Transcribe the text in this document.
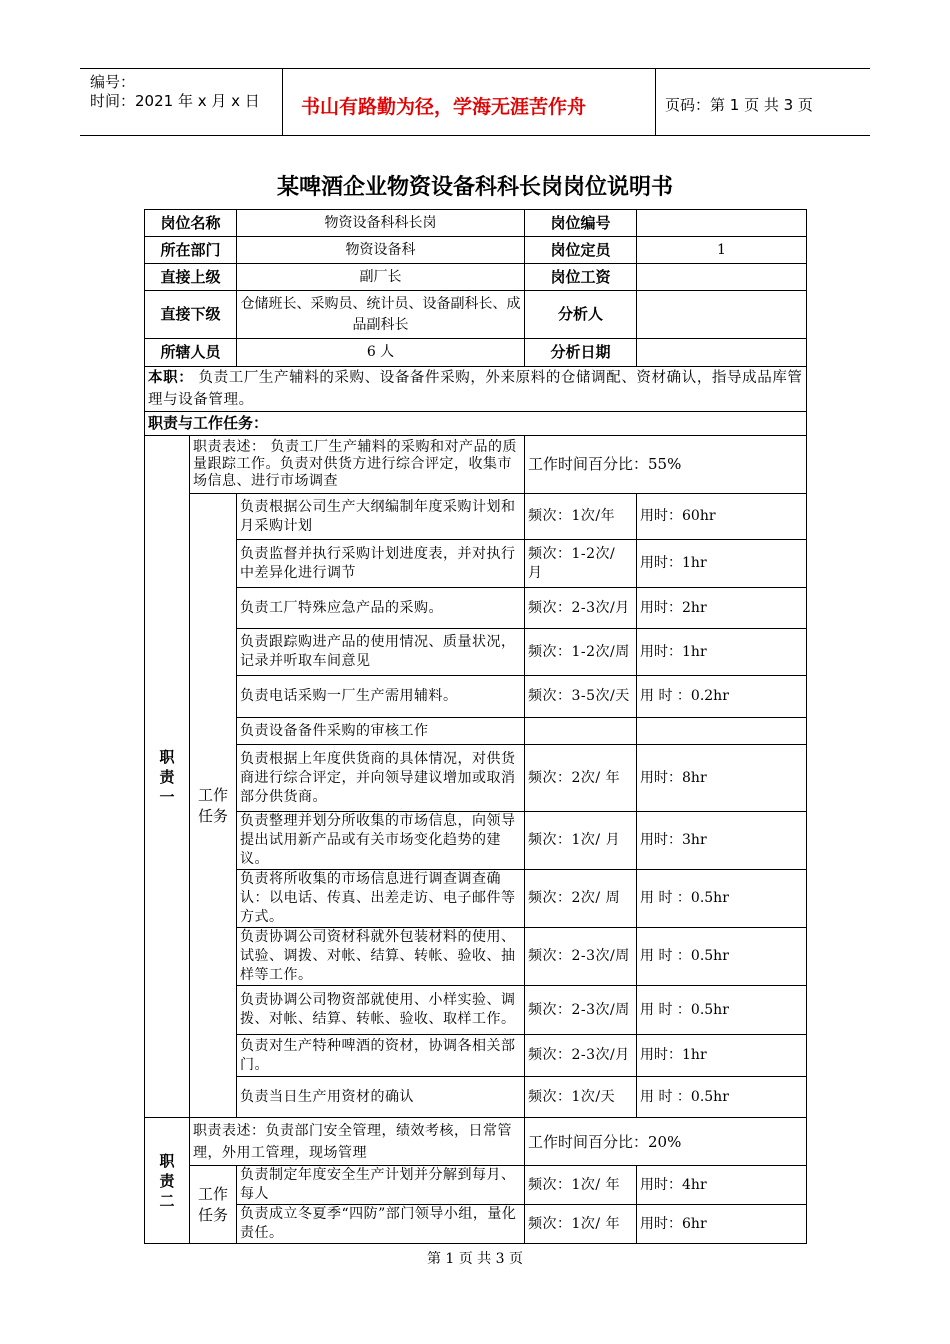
编号：
时间：2021 年 x 月 x 日 书山有路勤为径，学海无涯苦作舟	页码：第 1 页 共 3 页
某啤酒企业物资设备科科长岗岗位说明书
岗位名称		物资设备科科长岗	岗位编号	
所在部门		物资设备科	岗位定员	1
直接上级		副厂长	岗位工资	
直接下级		仓储班长、采购员、统计员、设备副科长、成品副科长	分析人	
所辖人员		6 人	分析日期	
本职： 负责工厂生产辅料的采购、设备备件采购，外来原料的仓储调配、资材确认，指导成品库管理与设备管理。				
职责与工作任务：				

职责一	职责表述： 负责工厂生产辅料的采购和对产品的质量跟踪工作。负责对供货方进行综合评定，收集市场信息、进行市场调查		工作时间百分比：55%	

	工作任务	负责根据公司生产大纲编制年度采购计划和月采购计划	频次：1次/年	用时：60hr
		负责监督并执行采购计划进度表，并对执行中差异化进行调节	频次：1-2次/ 月	用时：1hr
		负责工厂特殊应急产品的采购。	频次：2-3次/月	用时：2hr
		负责跟踪购进产品的使用情况、质量状况，记录并听取车间意见	频次：1-2次/周	用时：1hr
		负责电话采购一厂生产需用辅料。	频次：3-5次/天	用 时 ：0.2hr
		负责设备备件采购的审核工作		
		负责根据上年度供货商的具体情况，对供货商进行综合评定，并向领导建议增加或取消部分供货商。	频次：2次/ 年	用时：8hr
		负责整理并划分所收集的市场信息，向领导提出试用新产品或有关市场变化趋势的建议。	频次：1次/ 月	用时：3hr
		负责将所收集的市场信息进行调查调查确认：以电话、传真、出差走访、电子邮件等方式。	频次：2次/ 周	用 时 ：0.5hr
		负责协调公司资材科就外包装材料的使用、试验、调拨、对帐、结算、转帐、验收、抽样等工作。	频次：2-3次/周	用 时 ：0.5hr
		负责协调公司物资部就使用、小样实验、调拨、对帐、结算、转帐、验收、取样工作。	频次：2-3次/周	用 时 ：0.5hr
		负责对生产特种啤酒的资材，协调各相关部门。	频次：2-3次/月	用时：1hr
		负责当日生产用资材的确认	频次：1次/天	用 时 ：0.5hr

职责二	职责表述：负责部门安全管理，绩效考核，日常管理，外用工管理，现场管理		工作时间百分比：20%	

	工作任务	负责制定年度安全生产计划并分解到每月、每人	频次：1次/ 年	用时：4hr
		负责成立冬夏季“四防”部门领导小组，量化责任。	频次：1次/ 年	用时：6hr
第 1 页 共 3 页
